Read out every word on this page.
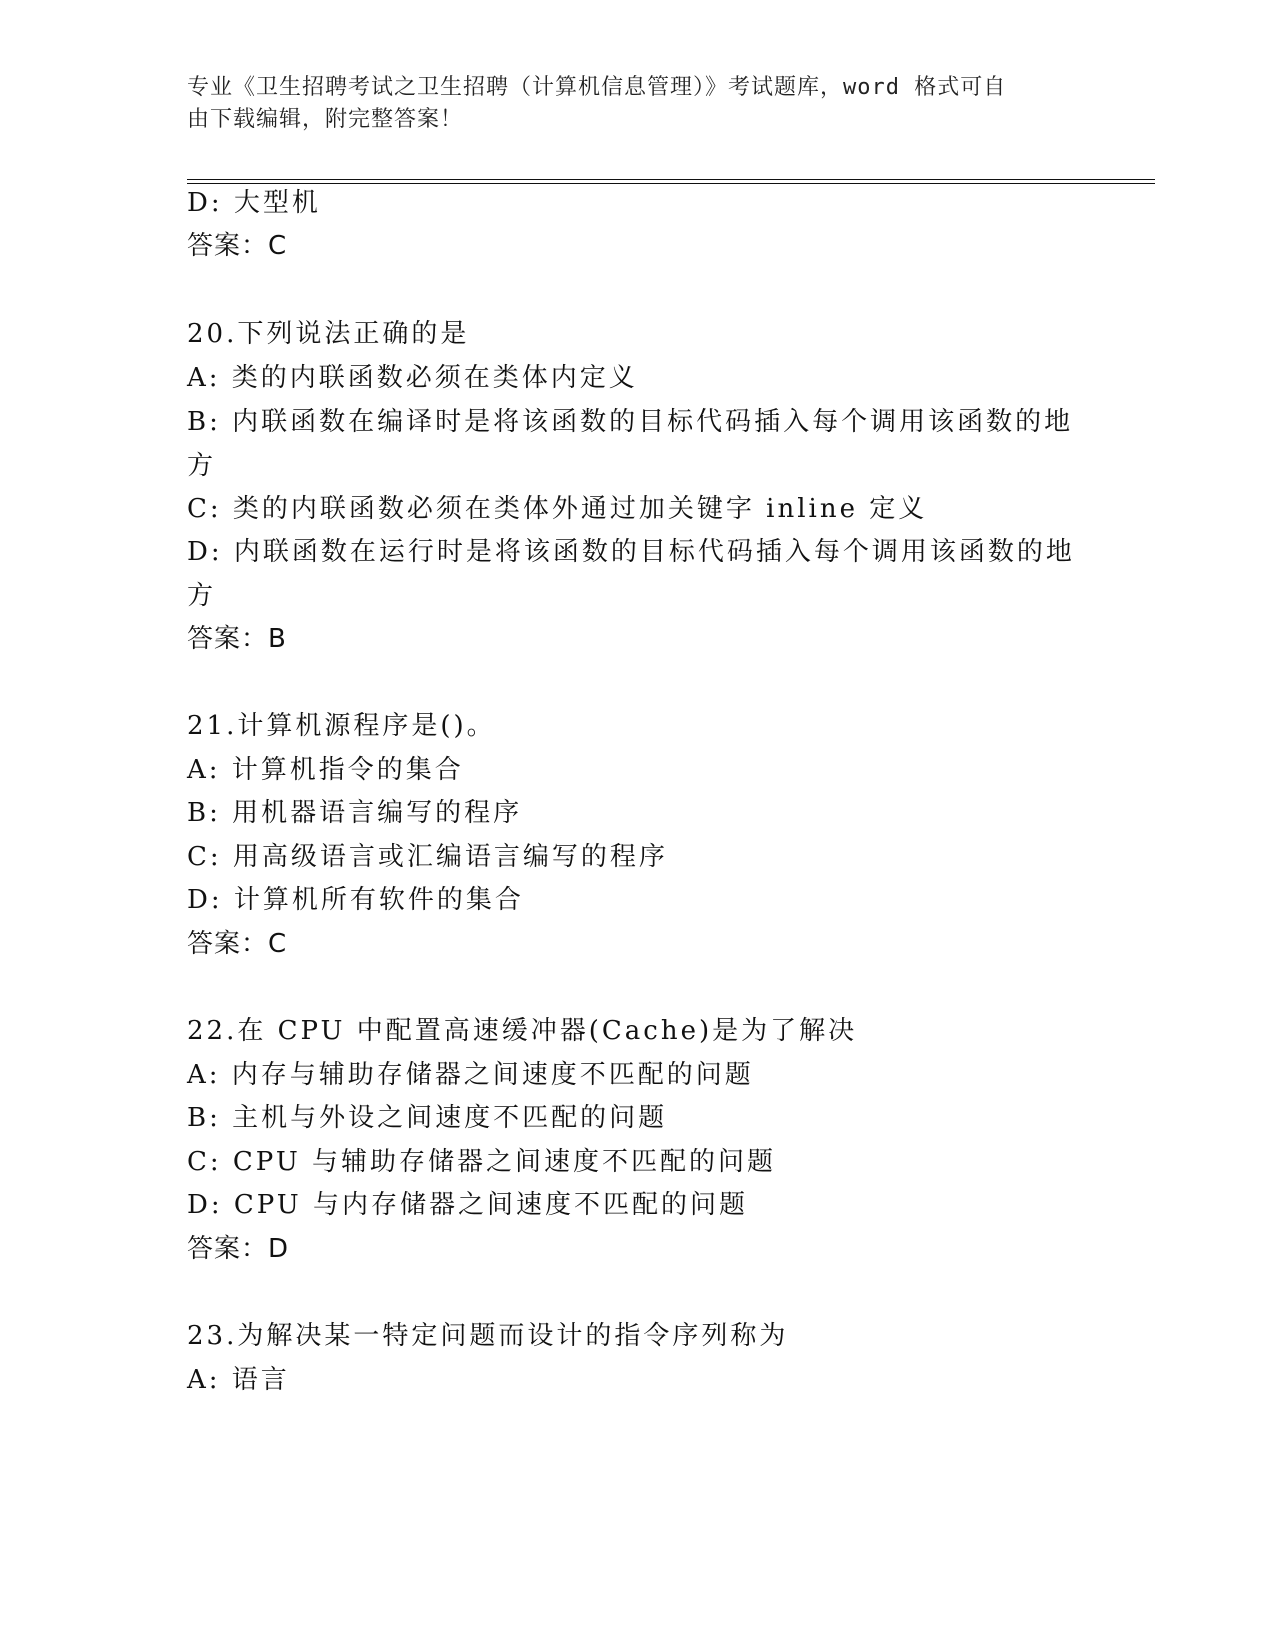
专业《卫生招聘考试之卫生招聘（计算机信息管理）》考试题库，word 格式可自
由下载编辑，附完整答案！
D: 大型机
答案：C
20.下列说法正确的是
A: 类的内联函数必须在类体内定义
B: 内联函数在编译时是将该函数的目标代码插入每个调用该函数的地
方
C: 类的内联函数必须在类体外通过加关键字 inline 定义
D: 内联函数在运行时是将该函数的目标代码插入每个调用该函数的地
方
答案：B
21.计算机源程序是()。
A: 计算机指令的集合
B: 用机器语言编写的程序
C: 用高级语言或汇编语言编写的程序
D: 计算机所有软件的集合
答案：C
22.在 CPU 中配置高速缓冲器(Cache)是为了解决
A: 内存与辅助存储器之间速度不匹配的问题
B: 主机与外设之间速度不匹配的问题
C: CPU 与辅助存储器之间速度不匹配的问题
D: CPU 与内存储器之间速度不匹配的问题
答案：D
23.为解决某一特定问题而设计的指令序列称为
A: 语言
